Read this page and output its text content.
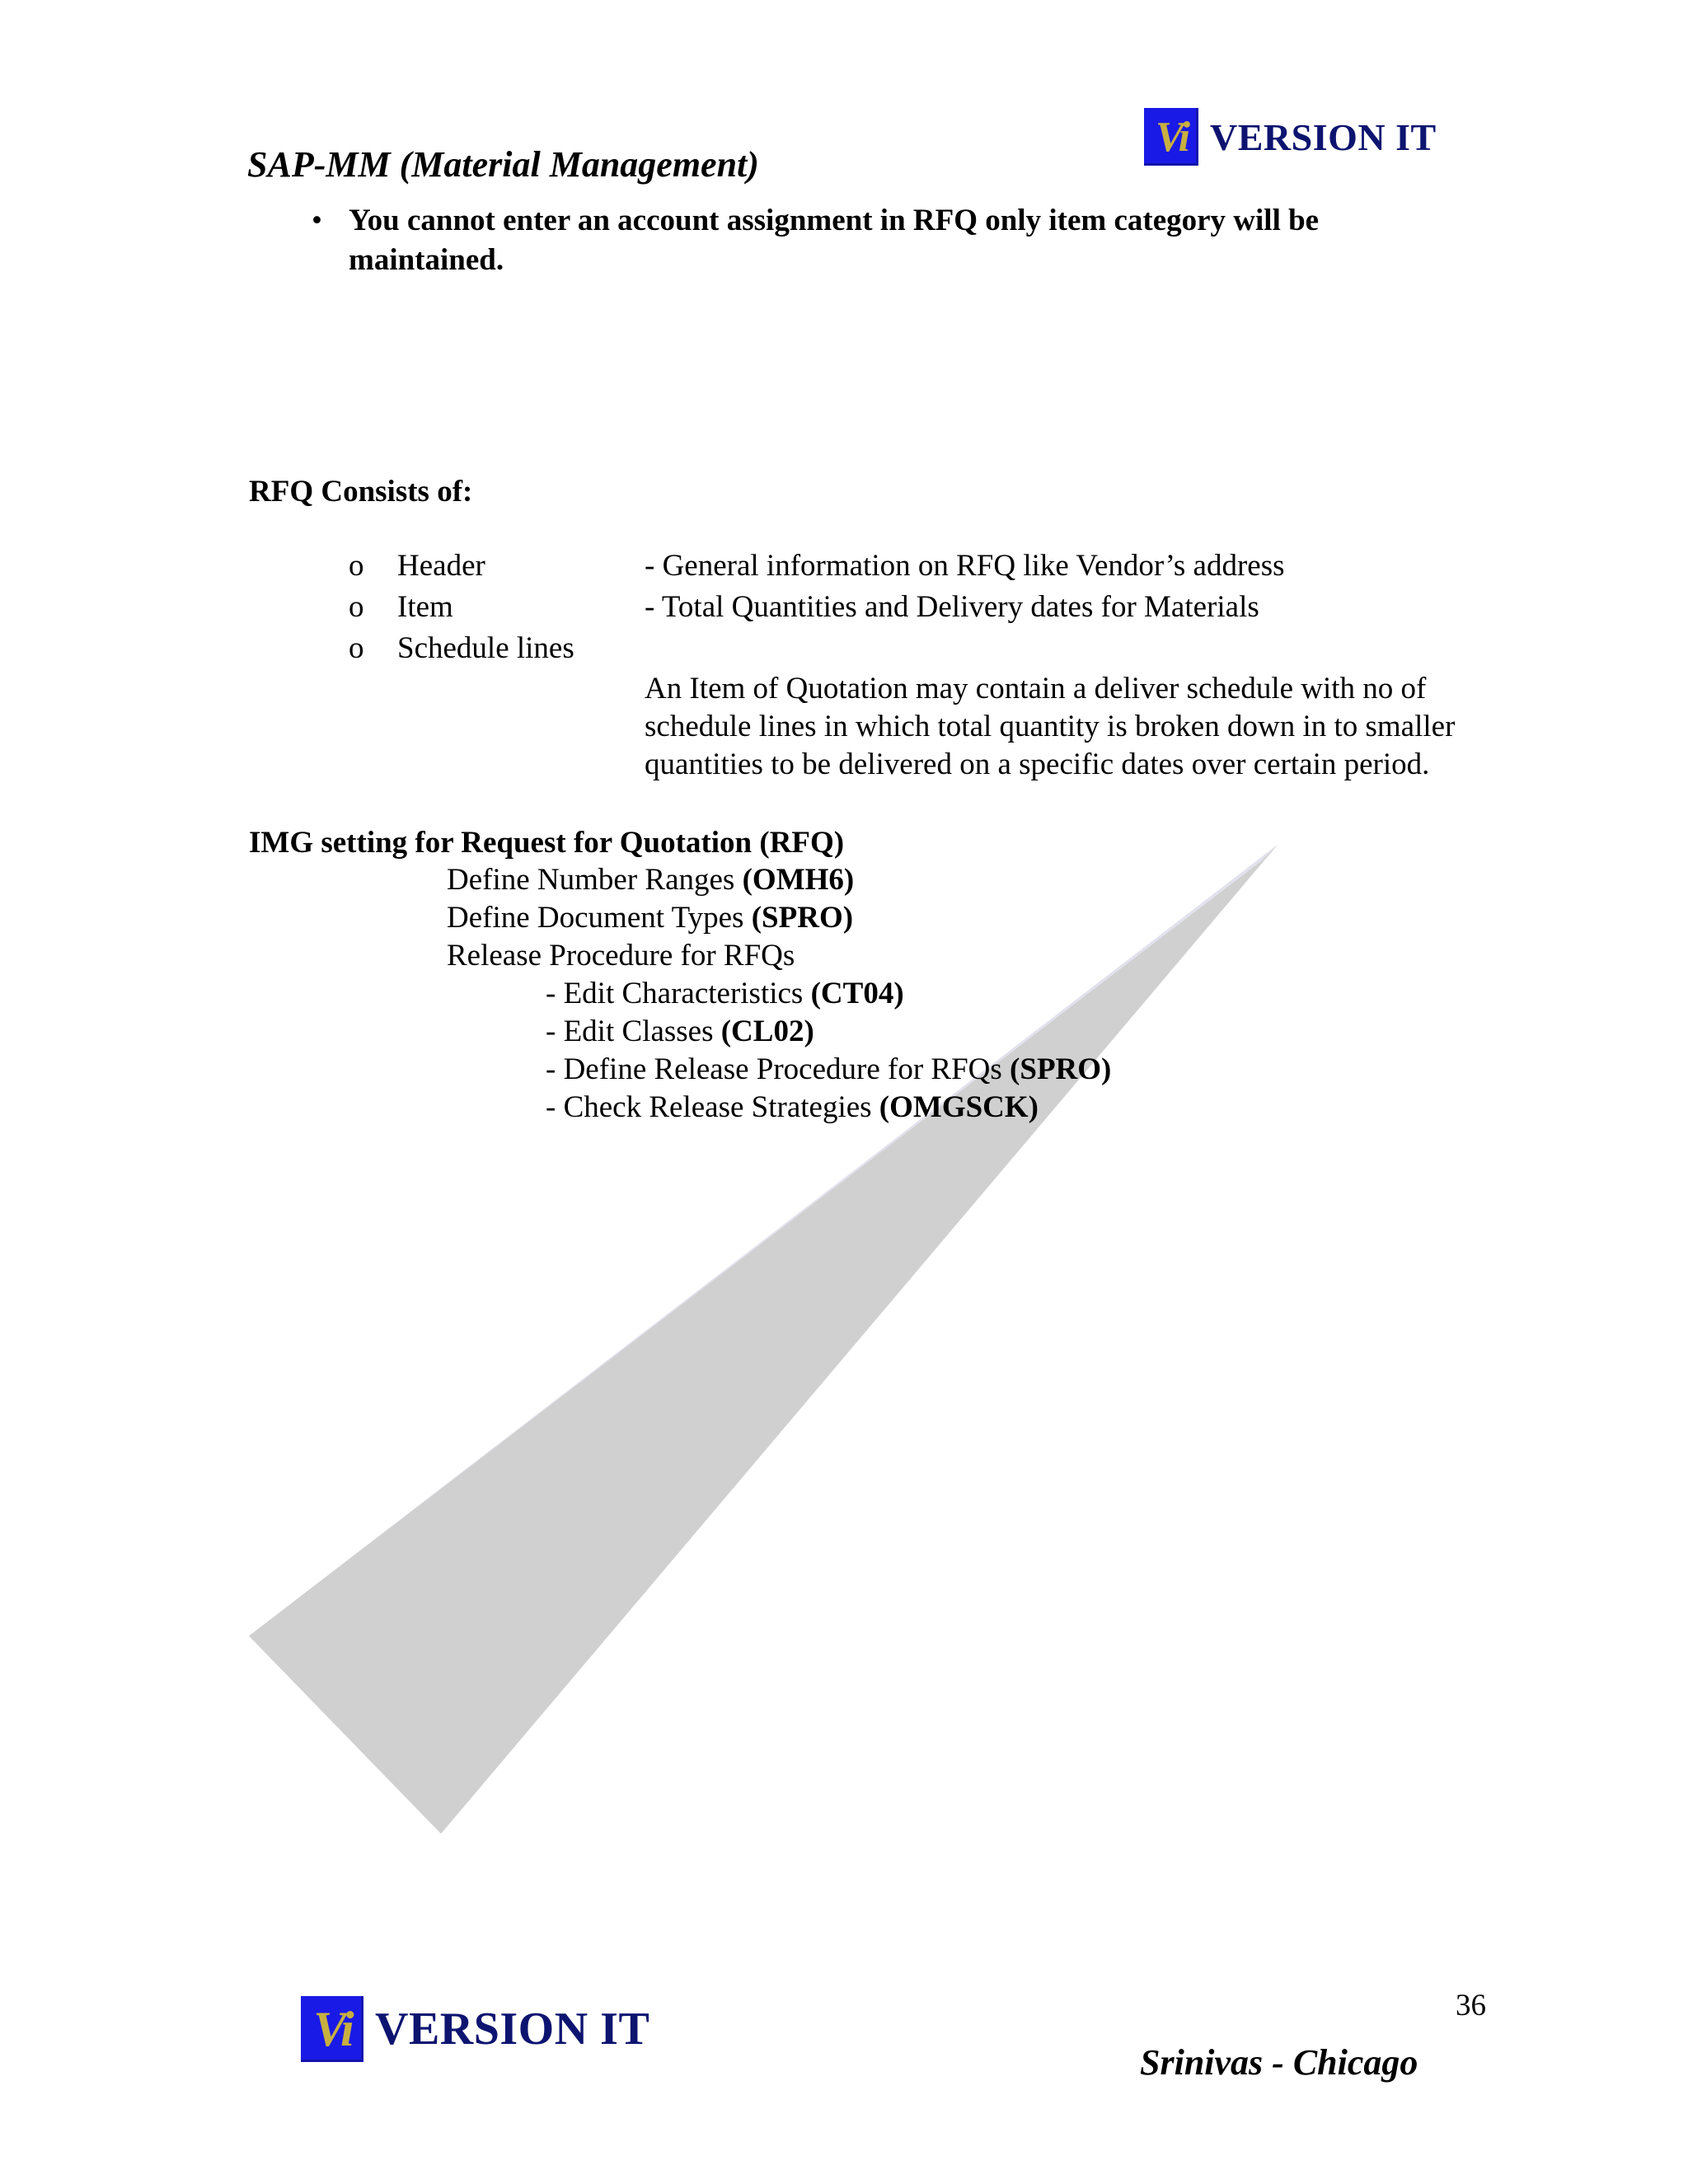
Vi VERSION IT
SAP-MM (Material Management)
• You cannot enter an account assignment in RFQ only item category will be
maintained.
RFQ Consists of:
o Header	- General information on RFQ like Vendor’s address
o Item	- Total Quantities and Delivery dates for Materials
o Schedule lines
An Item of Quotation may contain a deliver schedule with no of
schedule lines in which total quantity is broken down in to smaller
quantities to be delivered on a specific dates over certain period.
IMG setting for Request for Quotation (RFQ)
Define Number Ranges (OMH6)
Define Document Types (SPRO)
Release Procedure for RFQs
- Edit Characteristics (CT04)
- Edit Classes (CL02)
- Define Release Procedure for RFQs (SPRO)
- Check Release Strategies (OMGSCK)
36
Vi VERSION IT
Srinivas - Chicago
